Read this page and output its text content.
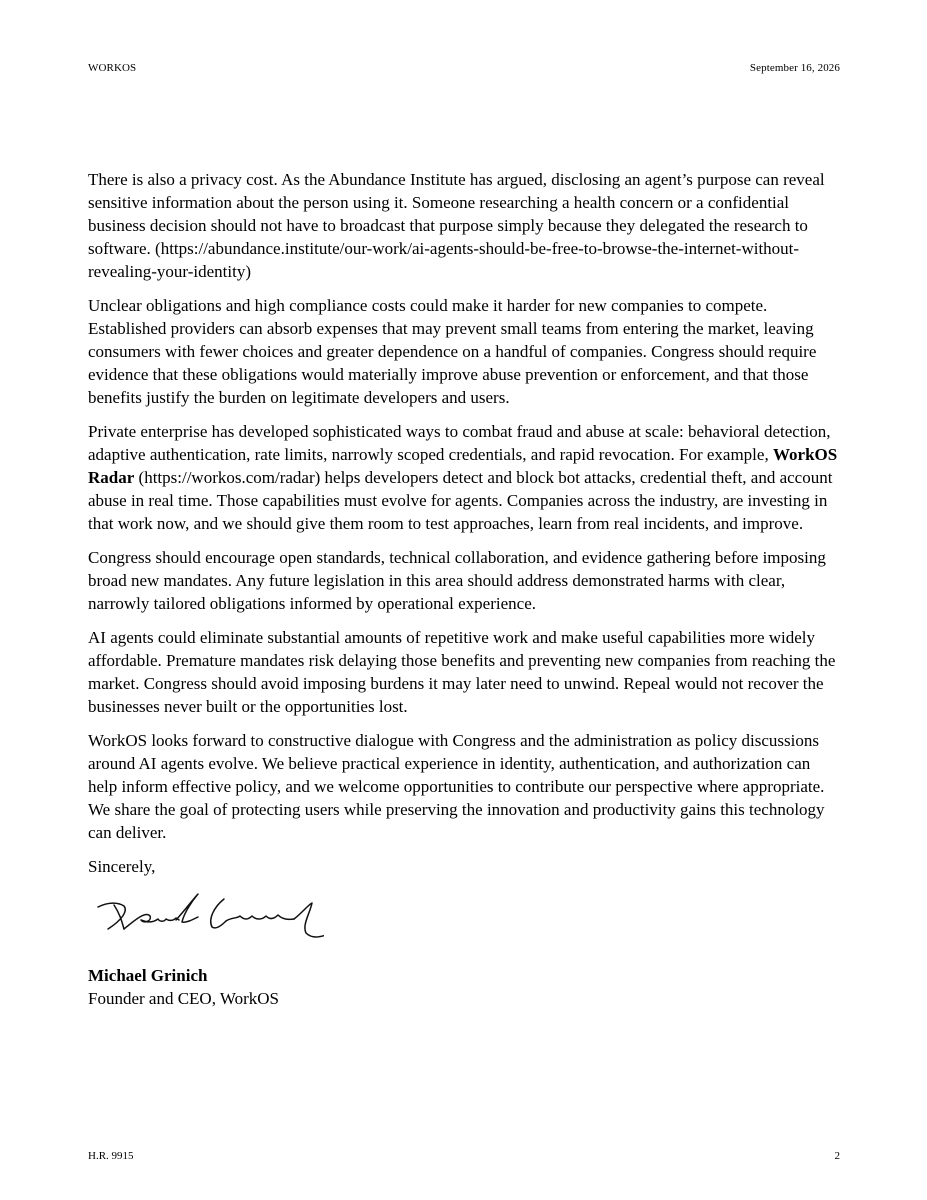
WORKOS	September 16, 2026

There is also a privacy cost. As the Abundance Institute has argued, disclosing an agent’s purpose can reveal sensitive information about the person using it. Someone researching a health concern or a confidential business decision should not have to broadcast that purpose simply because they delegated the research to software. (https://abundance.institute/our-work/ai-agents-should-be-free-to-browse-the-internet-without-revealing-your-identity)

Unclear obligations and high compliance costs could make it harder for new companies to compete. Established providers can absorb expenses that may prevent small teams from entering the market, leaving consumers with fewer choices and greater dependence on a handful of companies. Congress should require evidence that these obligations would materially improve abuse prevention or enforcement, and that those benefits justify the burden on legitimate developers and users.

Private enterprise has developed sophisticated ways to combat fraud and abuse at scale: behavioral detection, adaptive authentication, rate limits, narrowly scoped credentials, and rapid revocation. For example, WorkOS Radar (https://workos.com/radar) helps developers detect and block bot attacks, credential theft, and account abuse in real time. Those capabilities must evolve for agents. Companies across the industry, are investing in that work now, and we should give them room to test approaches, learn from real incidents, and improve.

Congress should encourage open standards, technical collaboration, and evidence gathering before imposing broad new mandates. Any future legislation in this area should address demonstrated harms with clear, narrowly tailored obligations informed by operational experience.

AI agents could eliminate substantial amounts of repetitive work and make useful capabilities more widely affordable. Premature mandates risk delaying those benefits and preventing new companies from reaching the market. Congress should avoid imposing burdens it may later need to unwind. Repeal would not recover the businesses never built or the opportunities lost.

WorkOS looks forward to constructive dialogue with Congress and the administration as policy discussions around AI agents evolve. We believe practical experience in identity, authentication, and authorization can help inform effective policy, and we welcome opportunities to contribute our perspective where appropriate. We share the goal of protecting users while preserving the innovation and productivity gains this technology can deliver.

Sincerely,

Michael Grinich
Founder and CEO, WorkOS
H.R. 9915	2
